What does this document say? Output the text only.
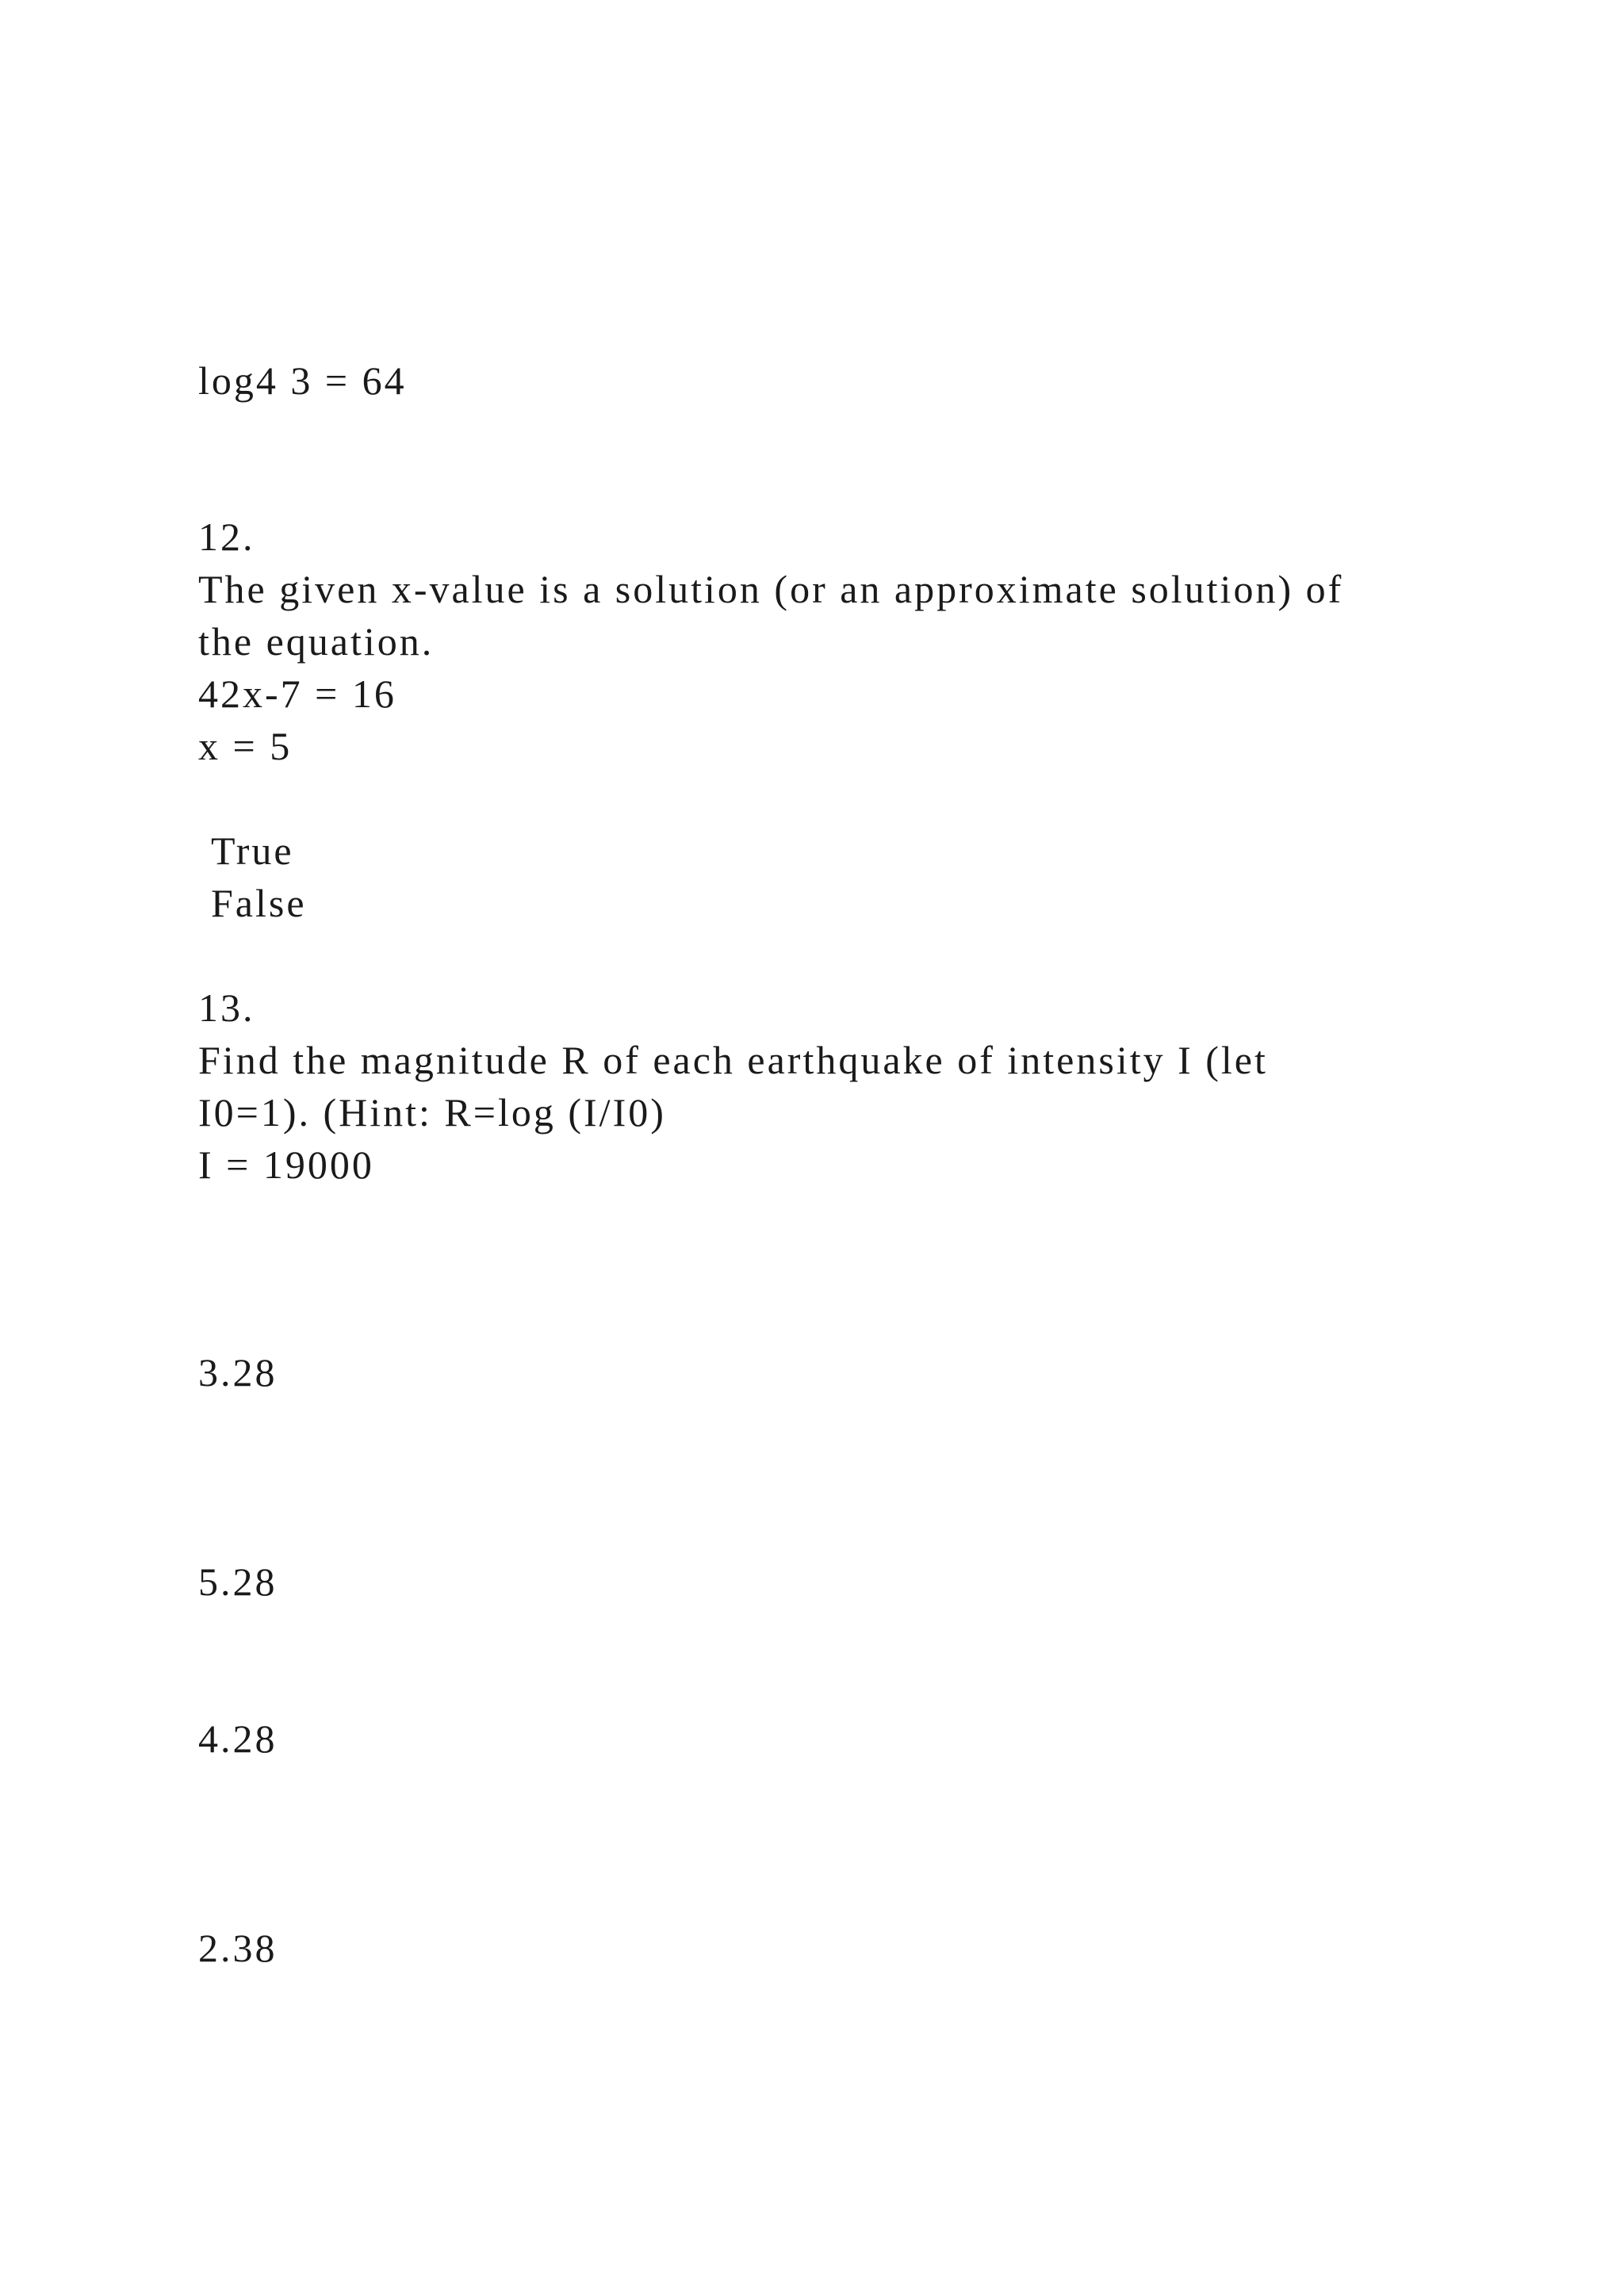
log4 3 = 64

12.

The given x-value is a solution (or an approximate solution) of

the equation.

42x-7 = 16

x = 5

True

False

13.

Find the magnitude R of each earthquake of intensity I (let

I0=1). (Hint: R=log (I/I0)

I = 19000

3.28

5.28

4.28

2.38
